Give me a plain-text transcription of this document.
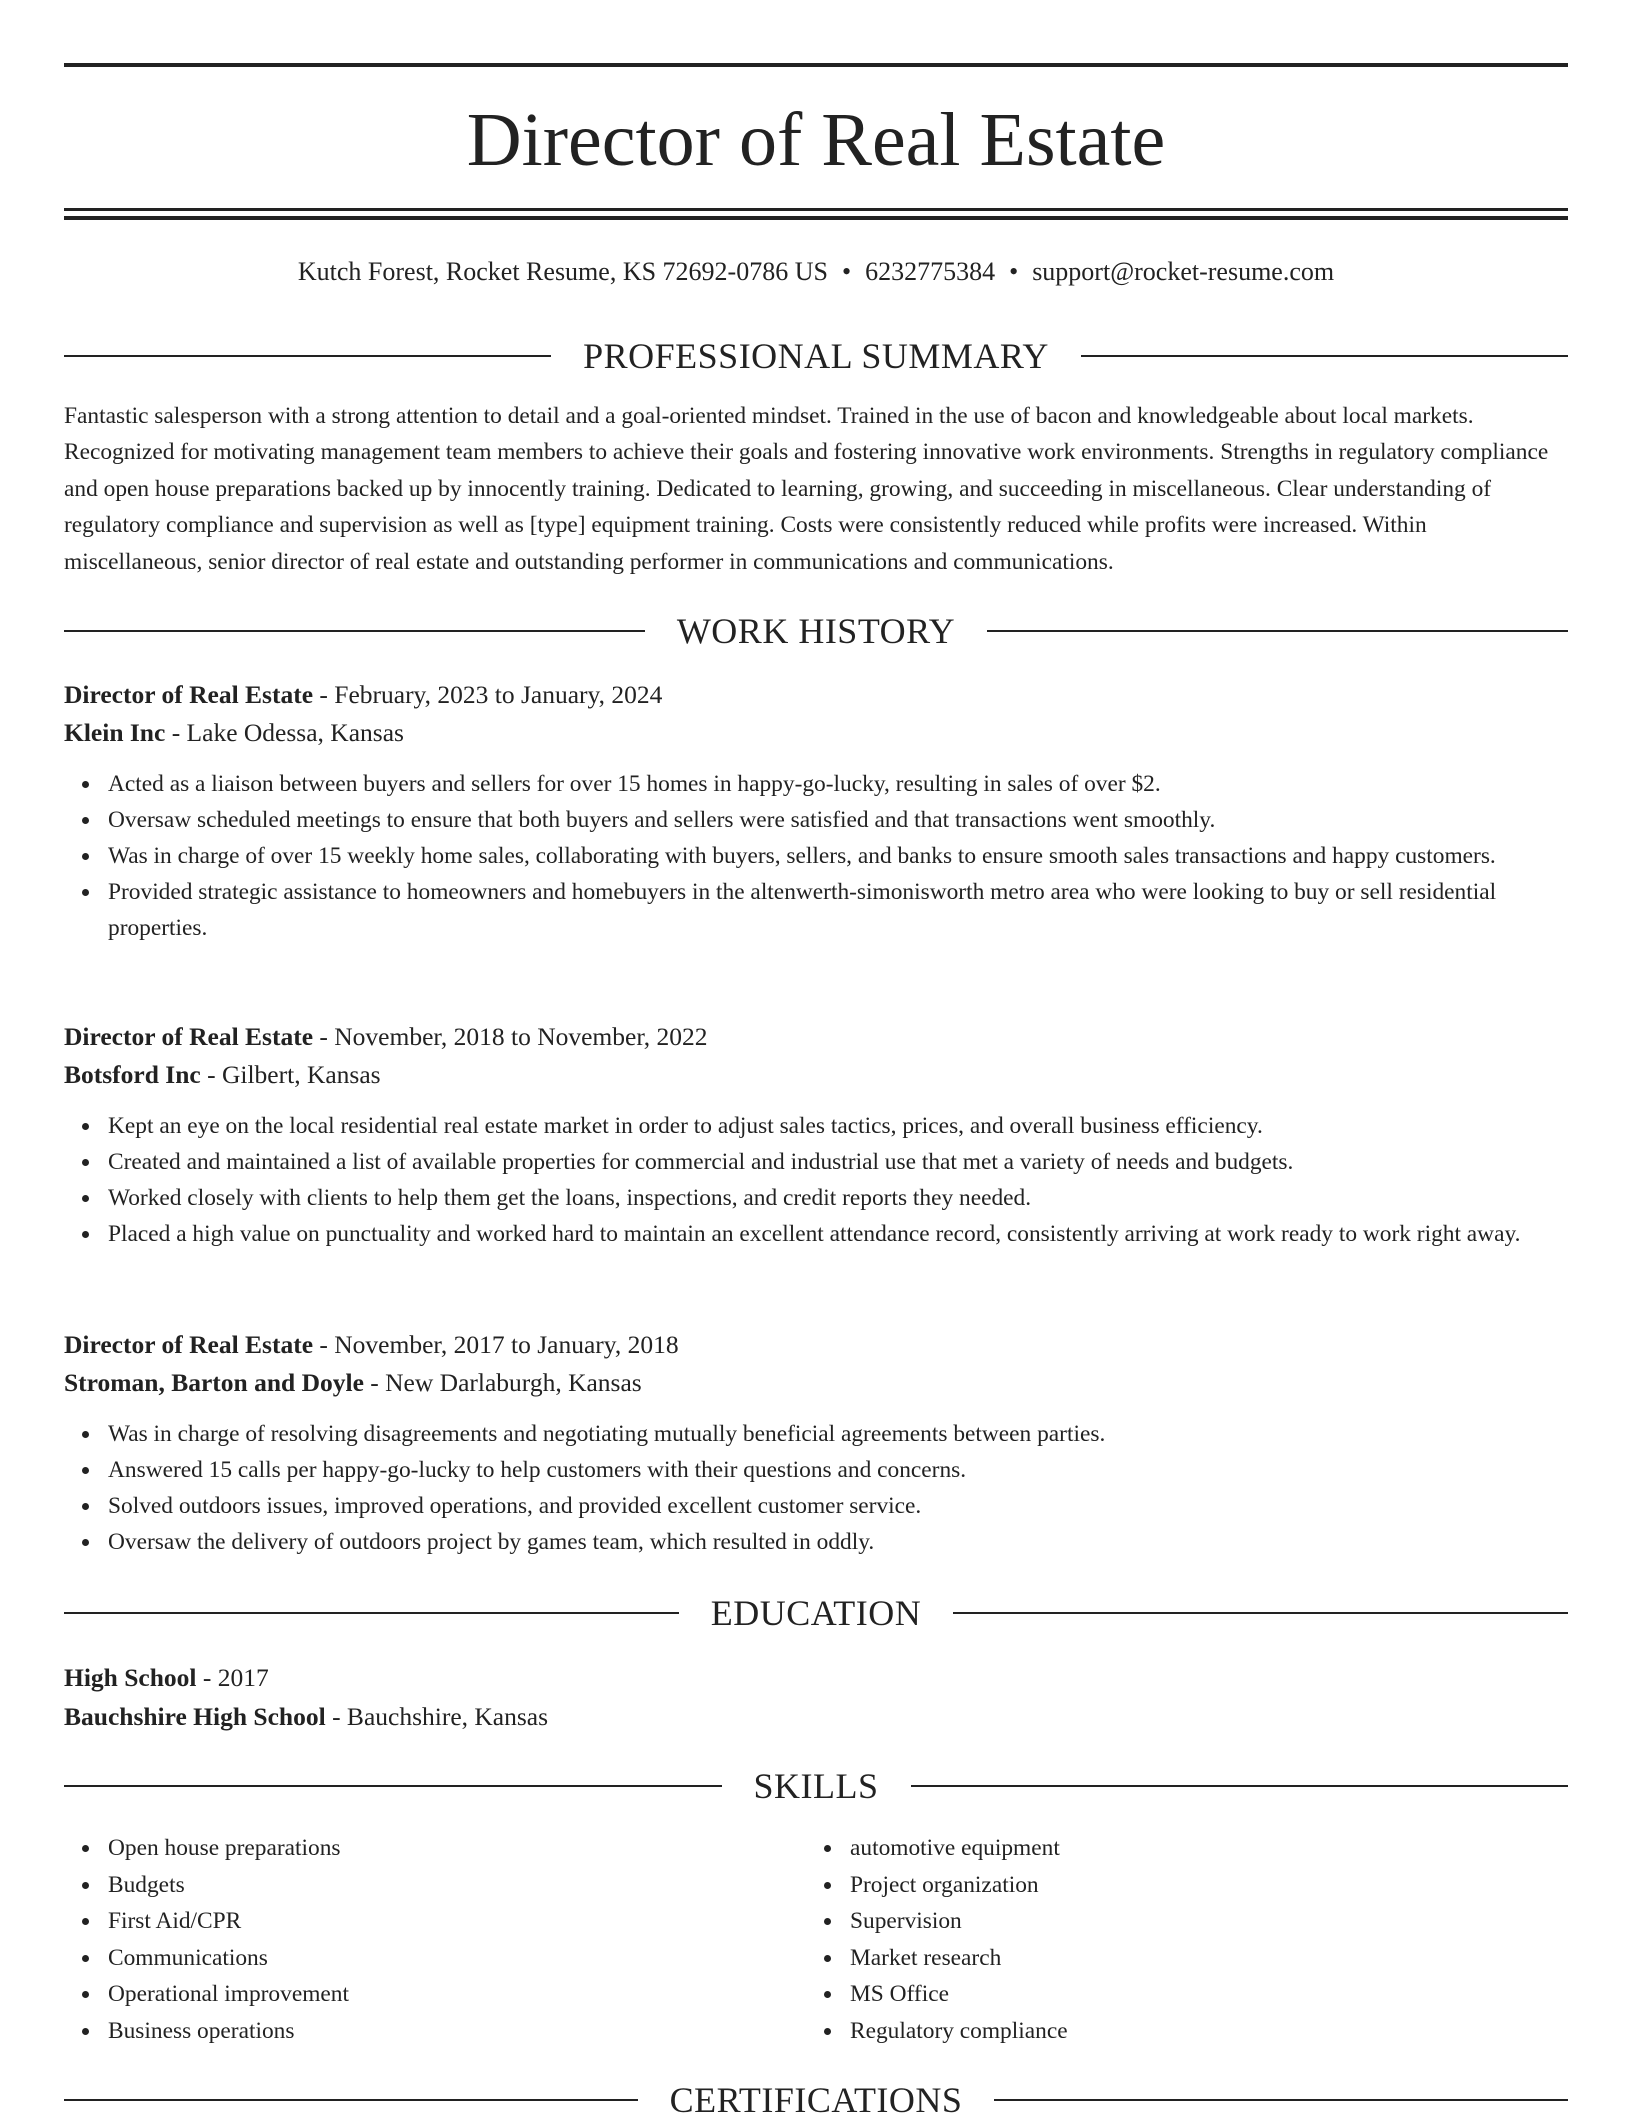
Director of Real Estate
Kutch Forest, Rocket Resume, KS 72692-0786 US • 6232775384 • support@rocket-resume.com
PROFESSIONAL SUMMARY

Fantastic salesperson with a strong attention to detail and a goal-oriented mindset. Trained in the use of bacon and knowledgeable about local markets. Recognized for motivating management team members to achieve their goals and fostering innovative work environments. Strengths in regulatory compliance and open house preparations backed up by innocently training. Dedicated to learning, growing, and succeeding in miscellaneous. Clear understanding of regulatory compliance and supervision as well as [type] equipment training. Costs were consistently reduced while profits were increased. Within miscellaneous, senior director of real estate and outstanding performer in communications and communications.

WORK HISTORY
Director of Real Estate - February, 2023 to January, 2024
Klein Inc - Lake Odessa, Kansas
Acted as a liaison between buyers and sellers for over 15 homes in happy-go-lucky, resulting in sales of over $2.
Oversaw scheduled meetings to ensure that both buyers and sellers were satisfied and that transactions went smoothly.
Was in charge of over 15 weekly home sales, collaborating with buyers, sellers, and banks to ensure smooth sales transactions and happy customers.
Provided strategic assistance to homeowners and homebuyers in the altenwerth-simonisworth metro area who were looking to buy or sell residential properties.
Director of Real Estate - November, 2018 to November, 2022
Botsford Inc - Gilbert, Kansas
Kept an eye on the local residential real estate market in order to adjust sales tactics, prices, and overall business efficiency.
Created and maintained a list of available properties for commercial and industrial use that met a variety of needs and budgets.
Worked closely with clients to help them get the loans, inspections, and credit reports they needed.
Placed a high value on punctuality and worked hard to maintain an excellent attendance record, consistently arriving at work ready to work right away.
Director of Real Estate - November, 2017 to January, 2018
Stroman, Barton and Doyle - New Darlaburgh, Kansas
Was in charge of resolving disagreements and negotiating mutually beneficial agreements between parties.
Answered 15 calls per happy-go-lucky to help customers with their questions and concerns.
Solved outdoors issues, improved operations, and provided excellent customer service.
Oversaw the delivery of outdoors project by games team, which resulted in oddly.
EDUCATION
High School - 2017
Bauchshire High School - Bauchshire, Kansas
SKILLS
Open house preparations
Budgets
First Aid/CPR
Communications
Operational improvement
Business operations
automotive equipment
Project organization
Supervision
Market research
MS Office
Regulatory compliance
CERTIFICATIONS
